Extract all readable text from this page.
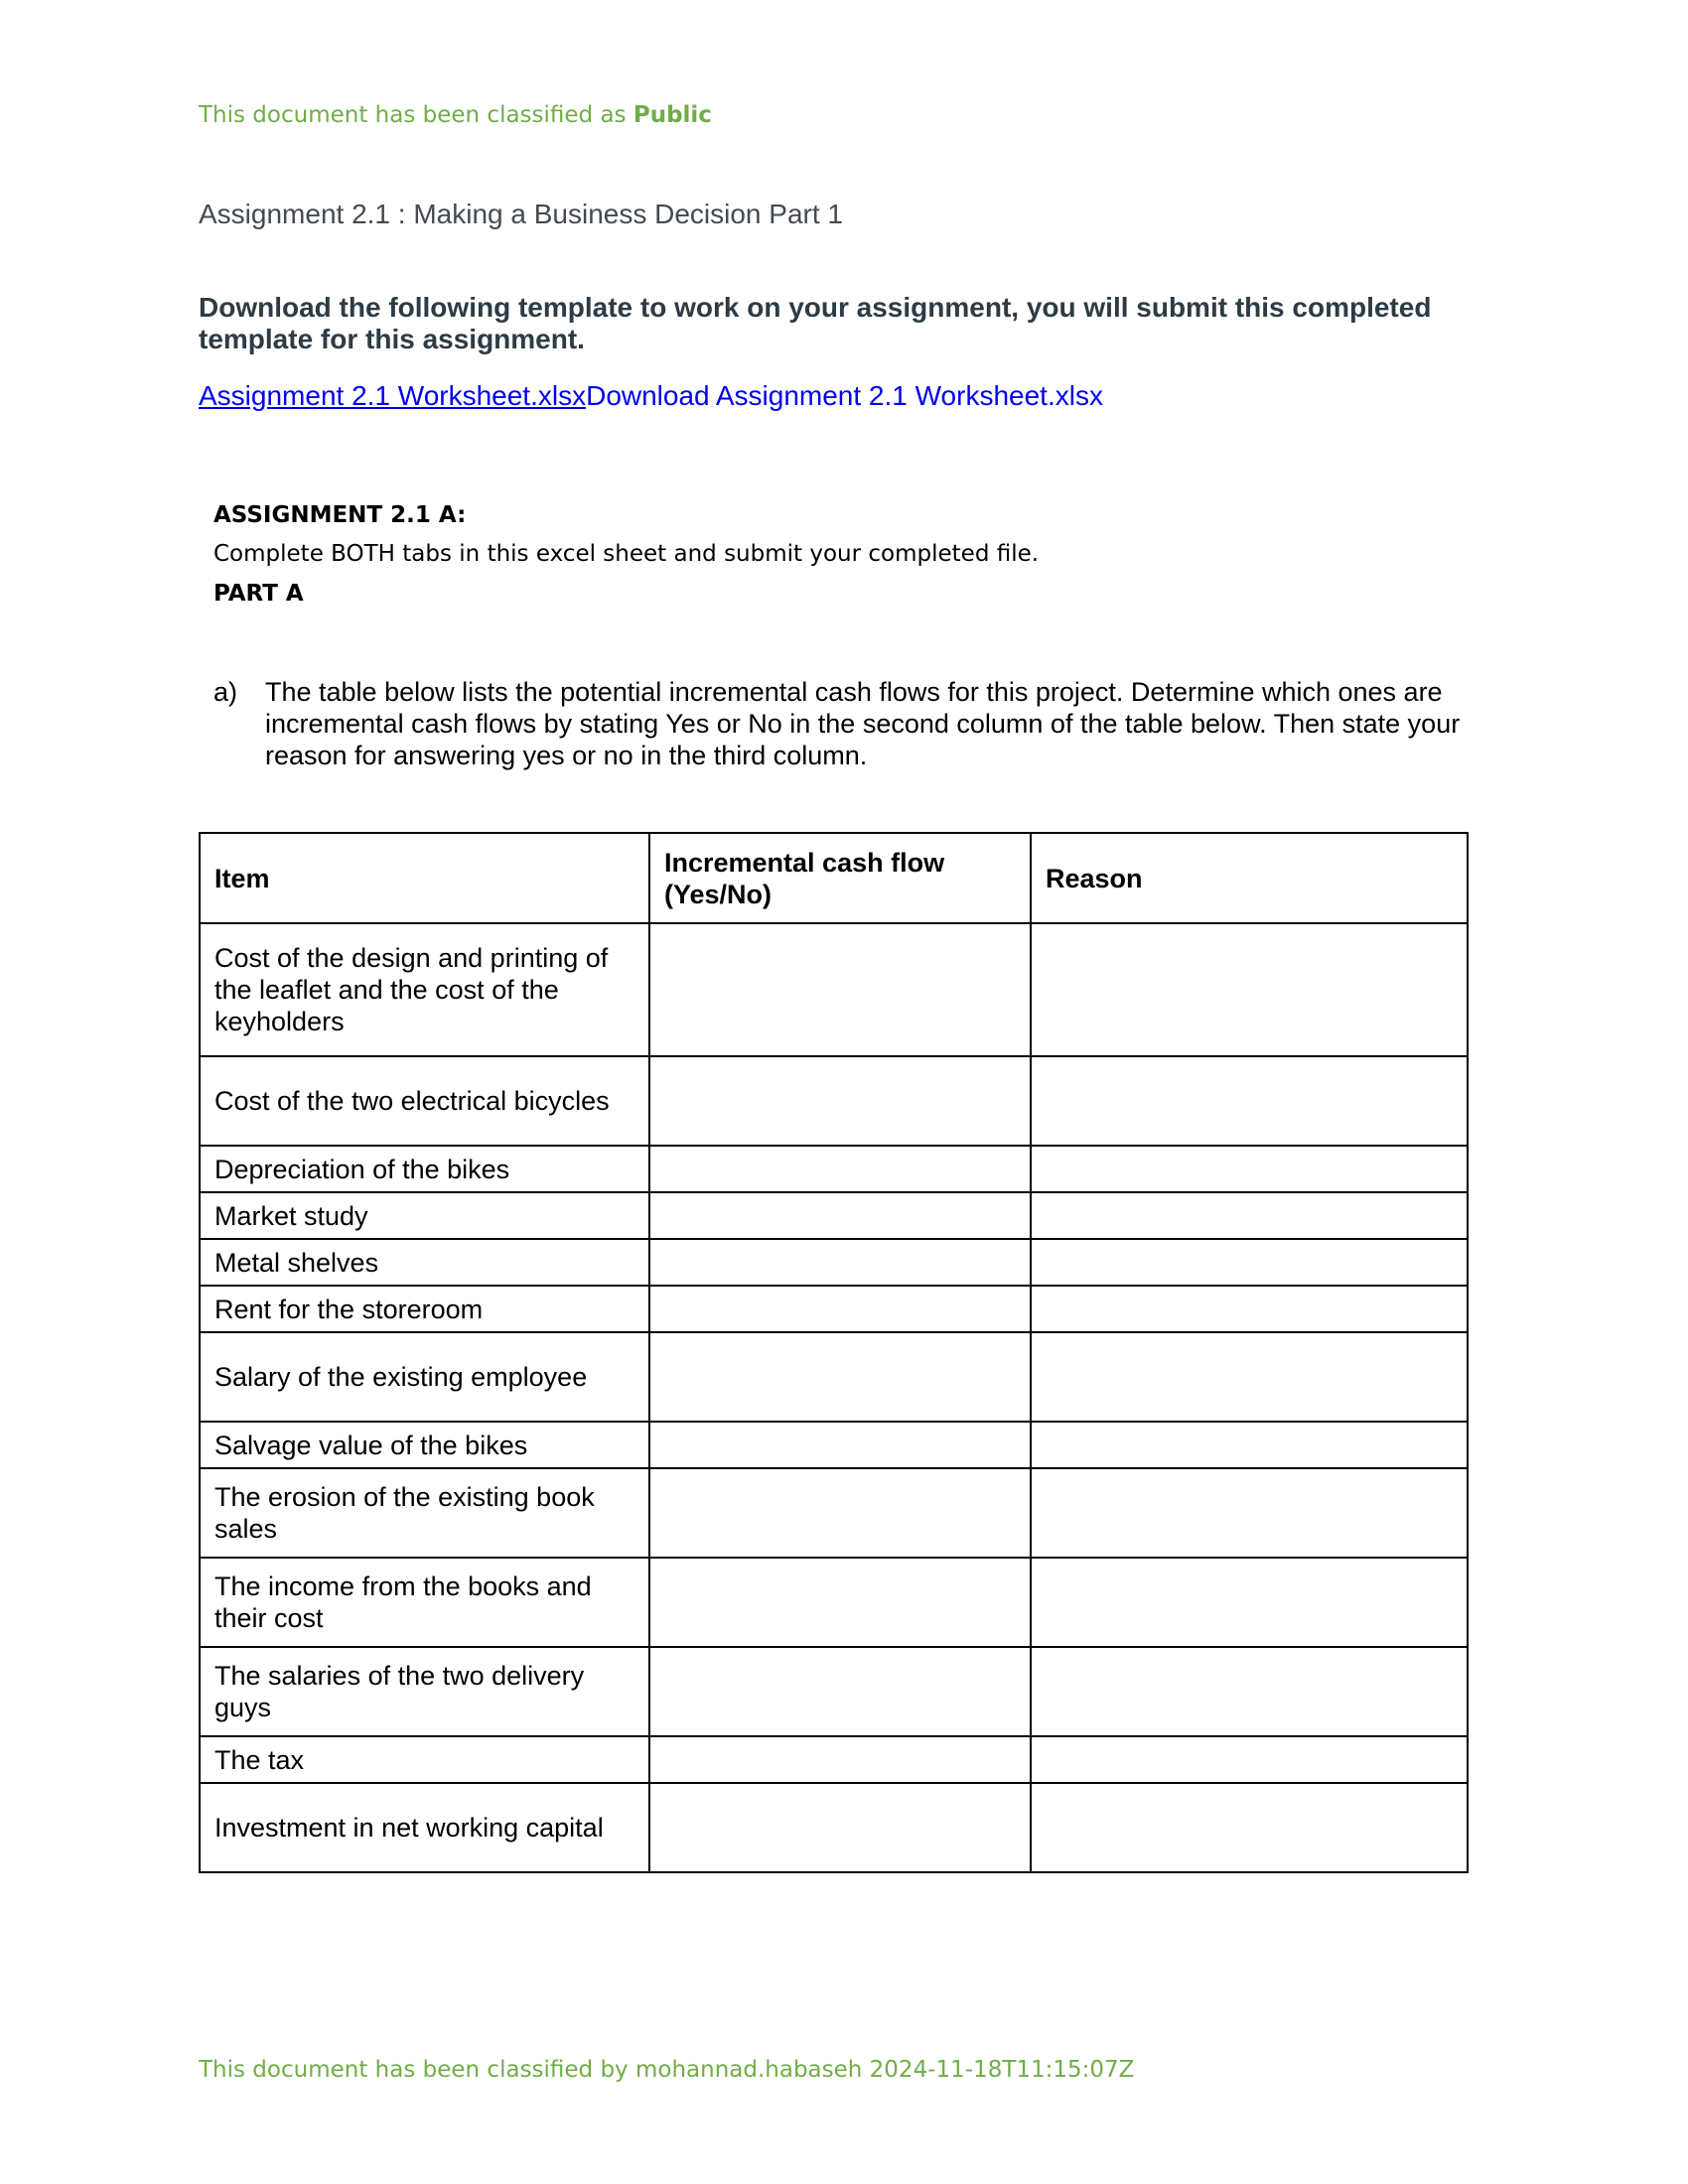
This document has been classified as Public
Assignment 2.1 : Making a Business Decision Part 1
Download the following template to work on your assignment, you will submit this completed template for this assignment.
Assignment 2.1 Worksheet.xlsxDownload Assignment 2.1 Worksheet.xlsx
ASSIGNMENT 2.1 A:
Complete BOTH tabs in this excel sheet and submit your completed file.
PART A
a)	The table below lists the potential incremental cash flows for this project. Determine which ones are incremental cash flows by stating Yes or No in the second column of the table below. Then state your reason for answering yes or no in the third column.
Item	Incremental cash flow (Yes/No)	Reason
Cost of the design and printing of the leaflet and the cost of the keyholders		
Cost of the two electrical bicycles		
Depreciation of the bikes		
Market study		
Metal shelves		
Rent for the storeroom		
Salary of the existing employee		
Salvage value of the bikes		
The erosion of the existing book sales		
The income from the books and their cost		
The salaries of the two delivery guys		
The tax		
Investment in net working capital		
This document has been classified by mohannad.habaseh 2024-11-18T11:15:07Z
